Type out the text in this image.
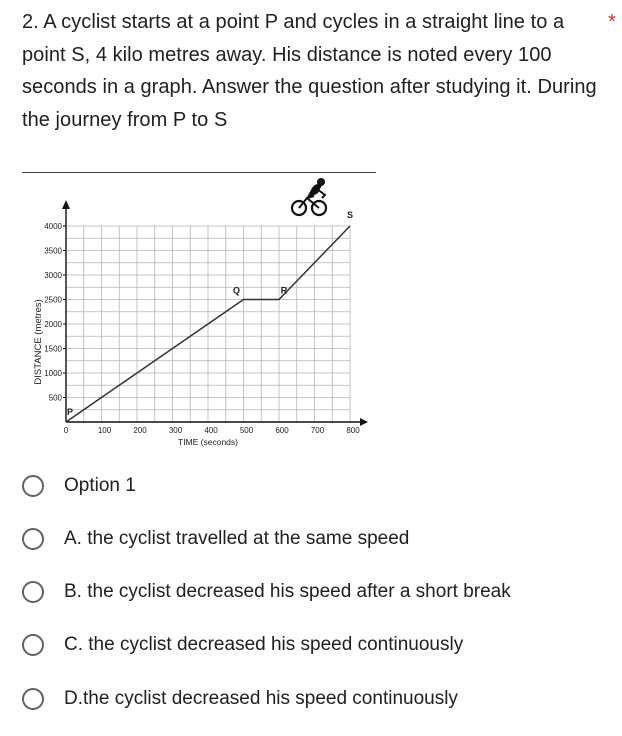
2. A cyclist starts at a point P and cycles in a straight line to a point S, 4 kilo metres away. His distance is noted every 100 seconds in a graph. Answer the question after studying it. During the journey from P to S
*
0	100	200	300	400	500	600	700	800
500
1000
1500
2000
2500
3000
3500
4000
TIME (seconds)
DISTANCE (metres)
P
Q	R
S
Option 1
A. the cyclist travelled at the same speed
B. the cyclist decreased his speed after a short break
C. the cyclist decreased his speed continuously
D.the cyclist decreased his speed continuously
